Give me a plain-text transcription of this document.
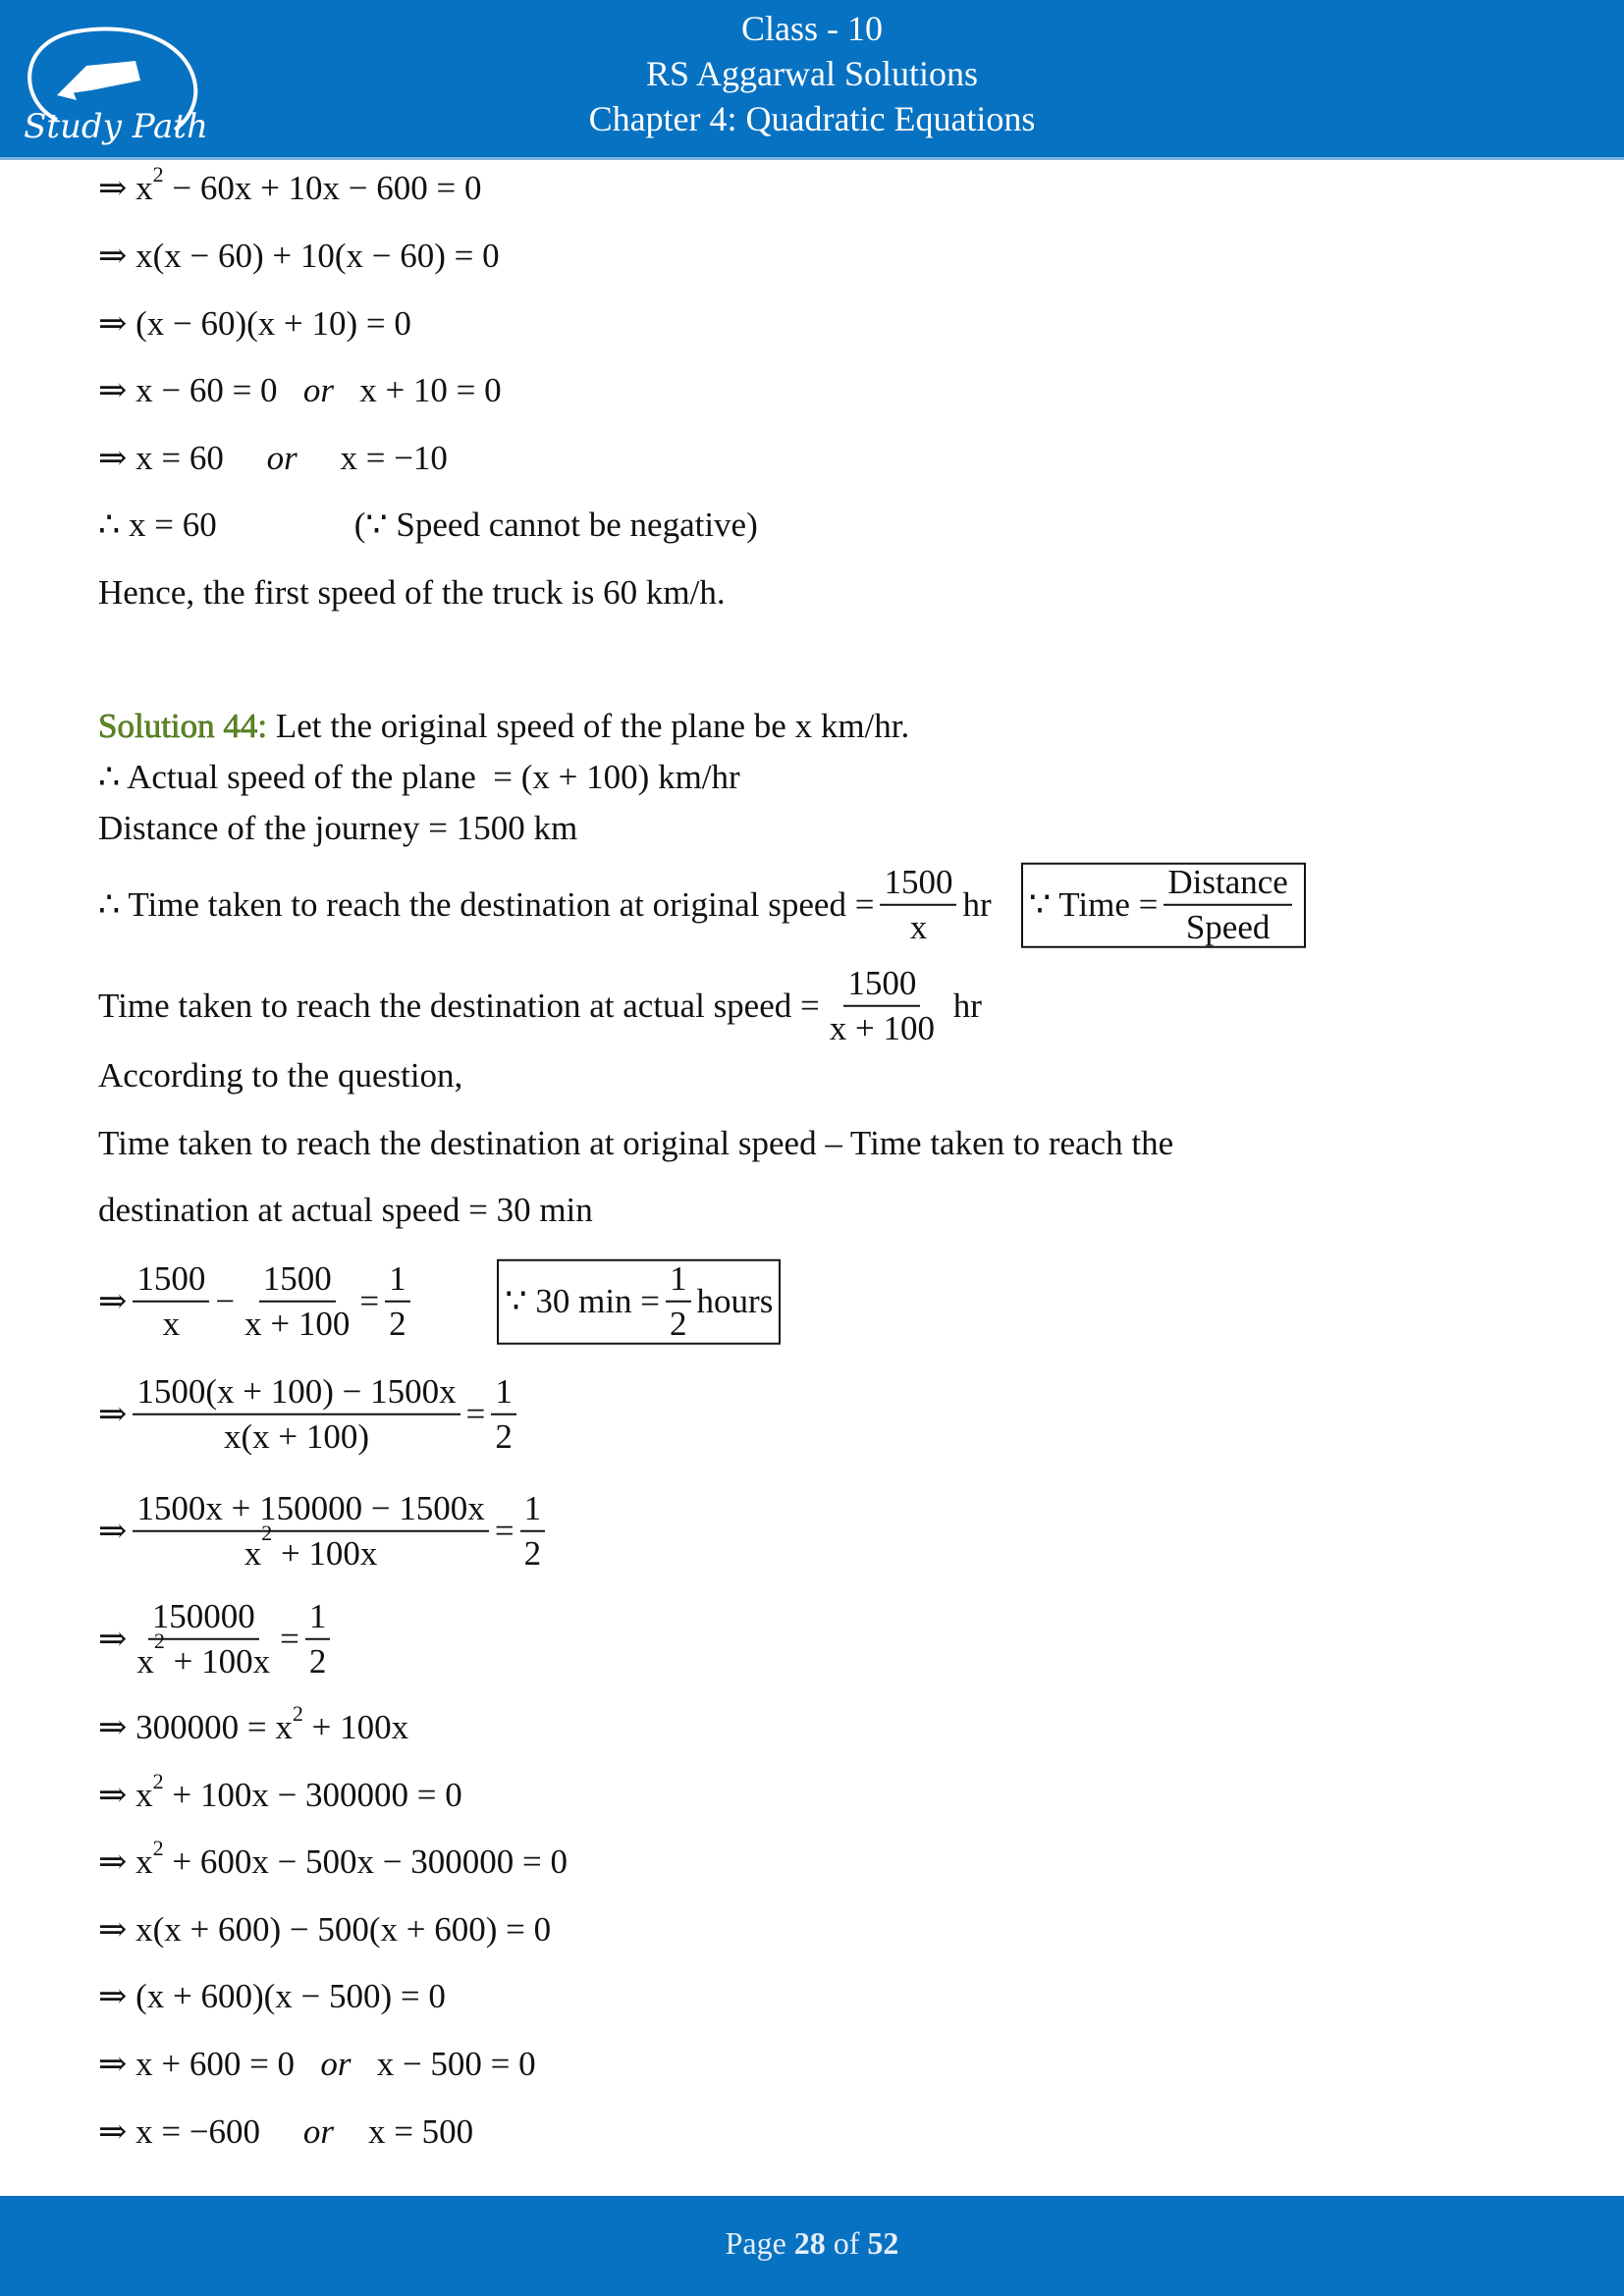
Study Path
Class - 10
RS Aggarwal Solutions
Chapter 4: Quadratic Equations
⇒ x 2 − 60x + 10x − 600 = 0
⇒ x(x − 60) + 10(x − 60) = 0
⇒ (x − 60)(x + 10) = 0
⇒ x − 60 = 0 or x + 10 = 0
⇒ x = 60 or x = −10
∴ x = 60                (∵ Speed cannot be negative)
Hence, the first speed of the truck is 60 km/h.
Solution 44: Let the original speed of the plane be x km/hr.
∴ Actual speed of the plane  = (x + 100) km/hr
Distance of the journey = 1500 km
∴ Time taken to reach the destination at original speed = $\frac{1500}{x}$ hr ∵ Time = $\frac{\text{Distance}}{\text{Speed}}$
Time taken to reach the destination at actual speed = $\frac{1500}{x + 100}$ hr
According to the question,
Time taken to reach the destination at original speed – Time taken to reach the
destination at actual speed = 30 min
⇒ $\frac{1500}{x} - \frac{1500}{x + 100} = \frac{1}{2}$
	∵ 30 $\min = \frac{1}{2}$ hours
⇒ $\frac{1500(x + 100) - 1500x}{x(x + 100)} = \frac{1}{2}$
⇒ 1500x + 150000 − 1500x
x
2
+ $100x = \frac{1}{2}$
⇒ 150000
x
2
+ $100x = \frac{1}{2}$
⇒ 300000 = x 2 + 100x
⇒ x 2 + 100x − 300000 = 0
⇒ x 2 + 600x − 500x − 300000 = 0
⇒ x(x + 600) − 500(x + 600) = 0
⇒ (x + 600)(x − 500) = 0
⇒ x + 600 = 0 or x − 500 = 0
⇒ x = −600 or x = 500
Page 28 of 52
